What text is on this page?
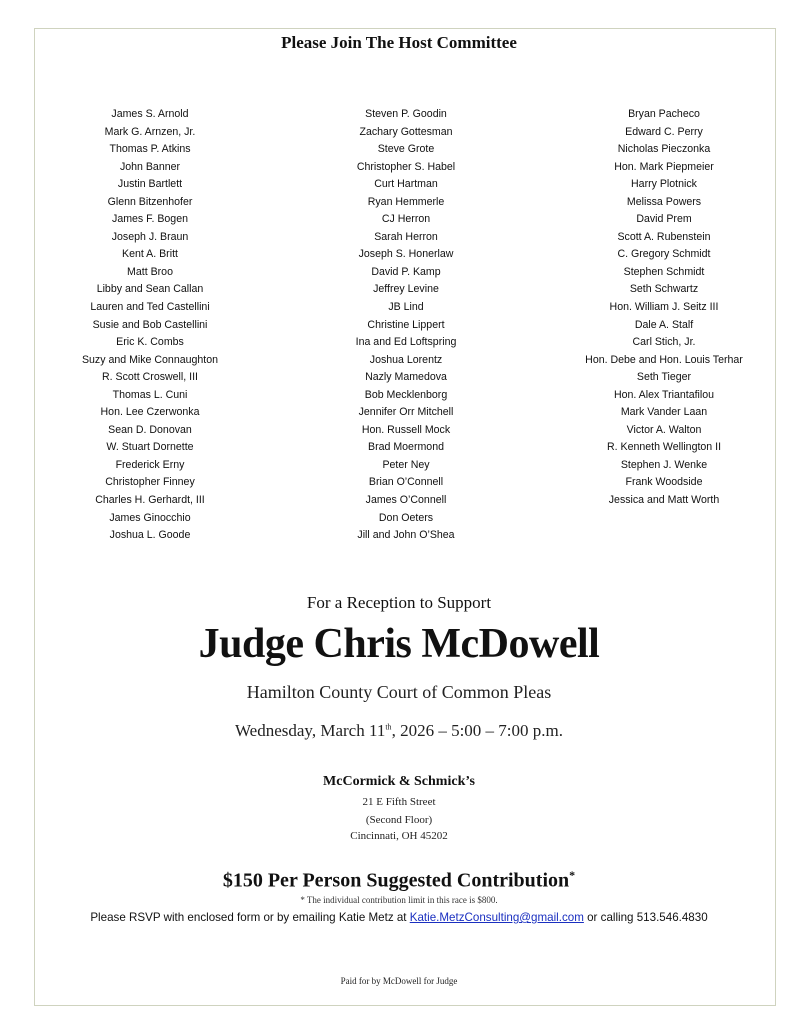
Please Join The Host Committee
James S. Arnold
Mark G. Arnzen, Jr.
Thomas P. Atkins
John Banner
Justin Bartlett
Glenn Bitzenhofer
James F. Bogen
Joseph J. Braun
Kent A. Britt
Matt Broo
Libby and Sean Callan
Lauren and Ted Castellini
Susie and Bob Castellini
Eric K. Combs
Suzy and Mike Connaughton
R. Scott Croswell, III
Thomas L. Cuni
Hon. Lee Czerwonka
Sean D. Donovan
W. Stuart Dornette
Frederick Erny
Christopher Finney
Charles H. Gerhardt, III
James Ginocchio
Joshua L. Goode
Steven P. Goodin
Zachary Gottesman
Steve Grote
Christopher S. Habel
Curt Hartman
Ryan Hemmerle
CJ Herron
Sarah Herron
Joseph S. Honerlaw
David P. Kamp
Jeffrey Levine
JB Lind
Christine Lippert
Ina and Ed Loftspring
Joshua Lorentz
Nazly Mamedova
Bob Mecklenborg
Jennifer Orr Mitchell
Hon. Russell Mock
Brad Moermond
Peter Ney
Brian O’Connell
James O’Connell
Don Oeters
Jill and John O’Shea
Bryan Pacheco
Edward C. Perry
Nicholas Pieczonka
Hon. Mark Piepmeier
Harry Plotnick
Melissa Powers
David Prem
Scott A. Rubenstein
C. Gregory Schmidt
Stephen Schmidt
Seth Schwartz
Hon. William J. Seitz III
Dale A. Stalf
Carl Stich, Jr.
Hon. Debe and Hon. Louis Terhar
Seth Tieger
Hon. Alex Triantafilou
Mark Vander Laan
Victor A. Walton
R. Kenneth Wellington II
Stephen J. Wenke
Frank Woodside
Jessica and Matt Worth
For a Reception to Support
Judge Chris McDowell
Hamilton County Court of Common Pleas
Wednesday, March 11th, 2026 – 5:00 – 7:00 p.m.
McCormick & Schmick’s
21 E Fifth Street
(Second Floor)
Cincinnati, OH 45202
$150 Per Person Suggested Contribution*
* The individual contribution limit in this race is $800.
Please RSVP with enclosed form or by emailing Katie Metz at Katie.MetzConsulting@gmail.com or calling 513.546.4830
Paid for by McDowell for Judge
